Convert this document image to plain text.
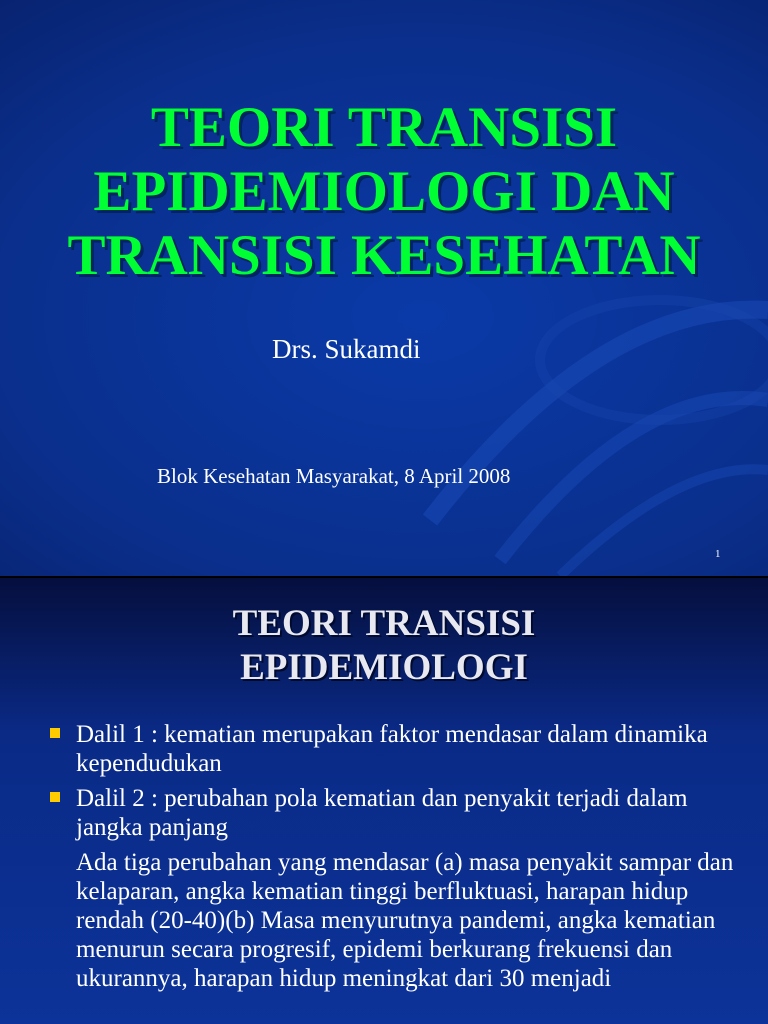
TEORI TRANSISI
EPIDEMIOLOGI DAN
TRANSISI KESEHATAN
Drs. Sukamdi
Blok Kesehatan Masyarakat, 8 April 2008
1
TEORI TRANSISI
EPIDEMIOLOGI
Dalil 1 : kematian merupakan faktor mendasar dalam dinamika kependudukan
Dalil 2 : perubahan pola kematian dan penyakit terjadi dalam jangka panjang
Ada tiga perubahan yang mendasar (a) masa penyakit sampar dan kelaparan, angka kematian tinggi berfluktuasi, harapan hidup rendah (20-40)(b) Masa menyurutnya pandemi, angka kematian menurun secara progresif, epidemi berkurang frekuensi dan ukurannya, harapan hidup meningkat dari 30 menjadi
